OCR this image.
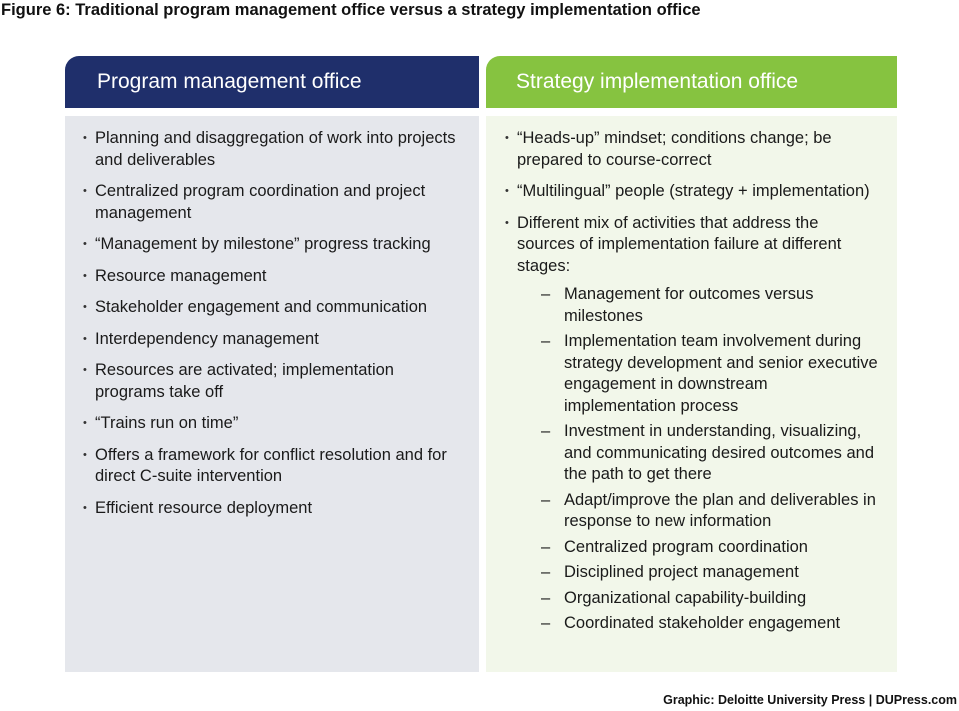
Figure 6: Traditional program management office versus a strategy implementation office
Program management office
• Planning and disaggregation of work into projects and deliverables
• Centralized program coordination and project management
• “Management by milestone” progress tracking
• Resource management
• Stakeholder engagement and communication
• Interdependency management
• Resources are activated; implementation programs take off
• “Trains run on time”
• Offers a framework for conflict resolution and for direct C-suite intervention
• Efficient resource deployment
Strategy implementation office
• “Heads-up” mindset; conditions change; be prepared to course-correct
• “Multilingual” people (strategy + implementation)
• Different mix of activities that address the sources of implementation failure at different stages:
– Management for outcomes versus milestones
– Implementation team involvement during strategy development and senior executive engagement in downstream implementation process
– Investment in understanding, visualizing, and communicating desired outcomes and the path to get there
– Adapt/improve the plan and deliverables in response to new information
– Centralized program coordination
– Disciplined project management
– Organizational capability-building
– Coordinated stakeholder engagement
Graphic: Deloitte University Press | DUPress.com
